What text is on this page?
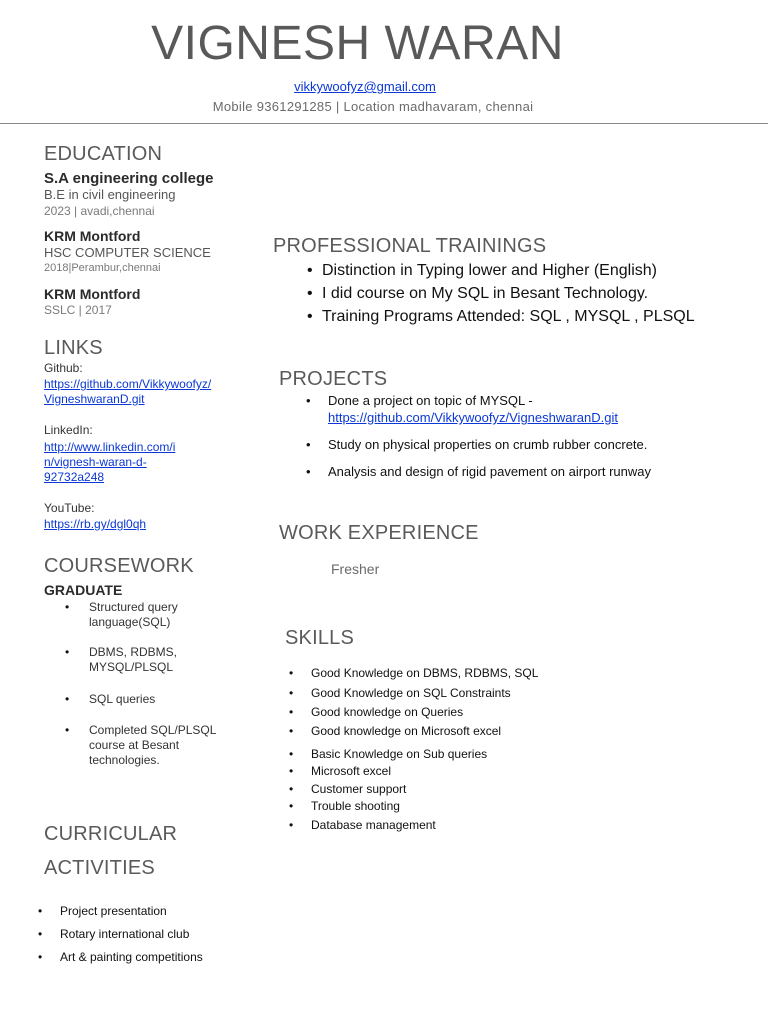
VIGNESH WARAN
vikkywoofyz@gmail.com
Mobile 9361291285 | Location madhavaram, chennai
EDUCATION
S.A engineering college
B.E in civil engineering
2023 | avadi,chennai
KRM Montford
HSC COMPUTER SCIENCE
2018|Perambur,chennai
KRM Montford
SSLC | 2017
LINKS
Github:
https://github.com/Vikkywoofyz/
VigneshwaranD.git
LinkedIn:
http://www.linkedin.com/i
n/vignesh-waran-d-
92732a248
YouTube:
https://rb.gy/dgl0qh
COURSEWORK
GRADUATE
• Structured query
language(SQL)
• DBMS, RDBMS,
MYSQL/PLSQL
• SQL queries
• Completed SQL/PLSQL
course at Besant
technologies.
CURRICULAR
ACTIVITIES
• Project presentation
• Rotary international club
• Art & painting competitions
PROFESSIONAL TRAININGS
• Distinction in Typing lower and Higher (English)
• I did course on My SQL in Besant Technology.
• Training Programs Attended: SQL , MYSQL , PLSQL
PROJECTS
• Done a project on topic of MYSQL -
https://github.com/Vikkywoofyz/VigneshwaranD.git
• Study on physical properties on crumb rubber concrete.
• Analysis and design of rigid pavement on airport runway
WORK EXPERIENCE
Fresher
SKILLS
• Good Knowledge on DBMS, RDBMS, SQL
• Good Knowledge on SQL Constraints
• Good knowledge on Queries
• Good knowledge on Microsoft excel
• Basic Knowledge on Sub queries
• Microsoft excel
• Customer support
• Trouble shooting
• Database management
